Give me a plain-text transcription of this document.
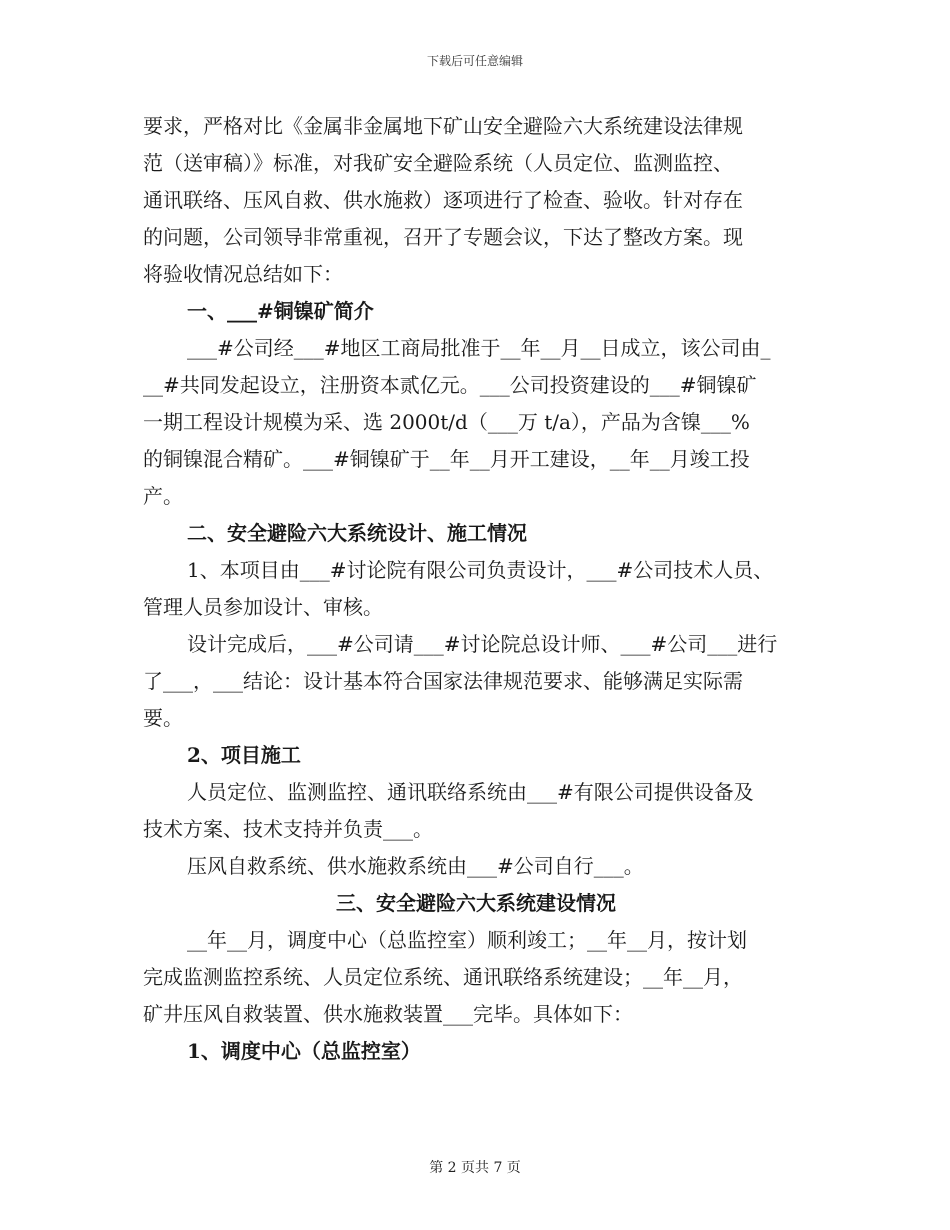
下载后可任意编辑
要求，严格对比《金属非金属地下矿山安全避险六大系统建设法律规
范（送审稿）》标准，对我矿安全避险系统（人员定位、监测监控、
通讯联络、压风自救、供水施救）逐项进行了检查、验收。针对存在
的问题，公司领导非常重视，召开了专题会议，下达了整改方案。现
将验收情况总结如下：
一、___#铜镍矿简介
___#公司经___#地区工商局批准于__年__月__日成立，该公司由_
__#共同发起设立，注册资本贰亿元。___公司投资建设的___#铜镍矿
一期工程设计规模为采、选 2000t/d（___万 t/a），产品为含镍___%
的铜镍混合精矿。___#铜镍矿于__年__月开工建设，__年__月竣工投
产。
二、安全避险六大系统设计、施工情况
1、本项目由___#讨论院有限公司负责设计，___#公司技术人员、
管理人员参加设计、审核。
设计完成后，___#公司请___#讨论院总设计师、___#公司___进行
了___，___结论：设计基本符合国家法律规范要求、能够满足实际需
要。
2、项目施工
人员定位、监测监控、通讯联络系统由___#有限公司提供设备及
技术方案、技术支持并负责___。
压风自救系统、供水施救系统由___#公司自行___。
三、安全避险六大系统建设情况
__年__月，调度中心（总监控室）顺利竣工；__年__月，按计划
完成监测监控系统、人员定位系统、通讯联络系统建设；__年__月，
矿井压风自救装置、供水施救装置___完毕。具体如下：
1、调度中心（总监控室）
第 2 页共 7 页
